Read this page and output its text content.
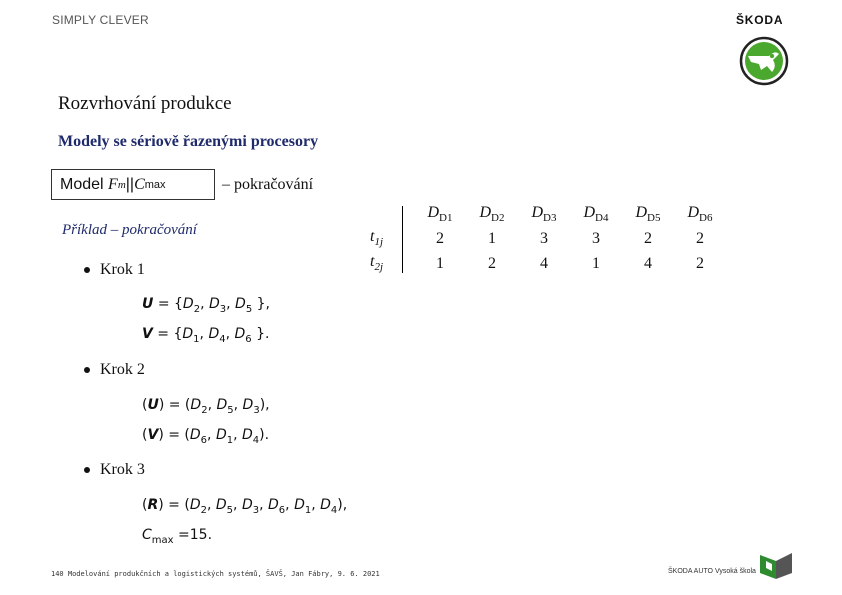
SIMPLY CLEVER	ŠKODA
Rozvrhování produkce
Modely se sériově řazenými procesory
Model
F m || C max	– pokračování
Příklad – pokračování
Krok 1
$U = \{D_2$, $D_3$, $D_5$ },
$V = \{D_1$, $D_4$, $D_6$ }.
Krok 2
$(U) = (D_2$, $D_5$, $D_3$),
$(V) = (D_6$, $D_1$, $D_4$).
Krok 3
$(R) = (D_2$, $D_5$, $D_3$, $D_6$, $D_1$, $D_4$),
$C_{max} =15$.
	$D_{D1}$	$D_{D2}$	$D_{D3}$	$D_{D4}$	$D_{D5}$	$D_{D6}$
$t_{1j}$	2	1	3	3	2	2
$t_{2j}$	1	2	4	1	4	2
140 Modelování produkčních a logistických systémů, ŠAVŠ, Jan Fábry, 9. 6. 2021	ŠKODA AUTO Vysoká škola
